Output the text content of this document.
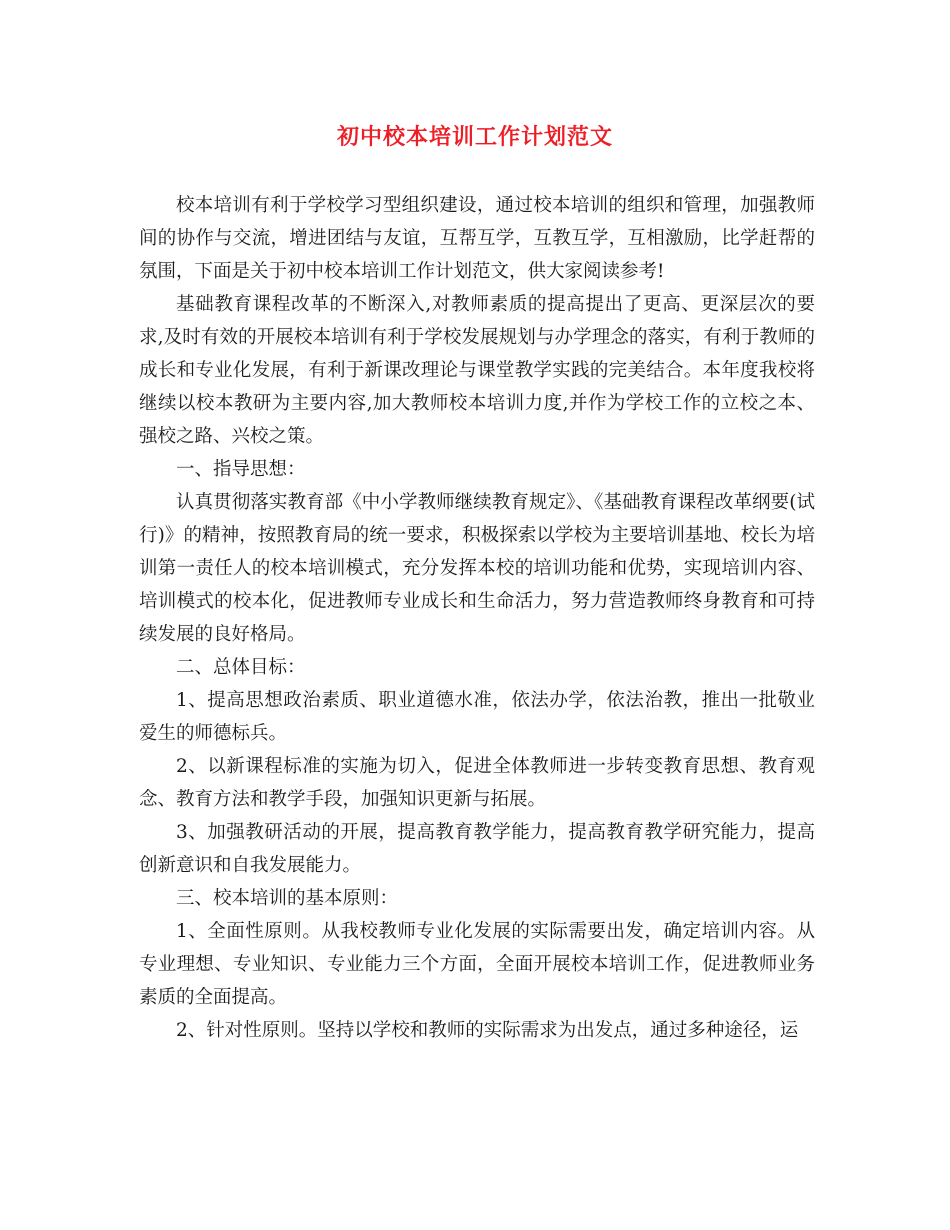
初中校本培训工作计划范文

校本培训有利于学校学习型组织建设，通过校本培训的组织和管理，加强教师间的协作与交流，增进团结与友谊，互帮互学，互教互学，互相激励，比学赶帮的氛围，下面是关于初中校本培训工作计划范文，供大家阅读参考!

基础教育课程改革的不断深入,对教师素质的提高提出了更高、更深层次的要求,及时有效的开展校本培训有利于学校发展规划与办学理念的落实，有利于教师的成长和专业化发展，有利于新课改理论与课堂教学实践的完美结合。本年度我校将继续以校本教研为主要内容,加大教师校本培训力度,并作为学校工作的立校之本、强校之路、兴校之策。

一、指导思想：

认真贯彻落实教育部《中小学教师继续教育规定》、《基础教育课程改革纲要(试行)》的精神，按照教育局的统一要求，积极探索以学校为主要培训基地、校长为培训第一责任人的校本培训模式，充分发挥本校的培训功能和优势，实现培训内容、培训模式的校本化，促进教师专业成长和生命活力，努力营造教师终身教育和可持续发展的良好格局。

二、总体目标：

1、提高思想政治素质、职业道德水准，依法办学，依法治教，推出一批敬业爱生的师德标兵。

2、以新课程标准的实施为切入，促进全体教师进一步转变教育思想、教育观念、教育方法和教学手段，加强知识更新与拓展。

3、加强教研活动的开展，提高教育教学能力，提高教育教学研究能力，提高创新意识和自我发展能力。

三、校本培训的基本原则：

1、全面性原则。从我校教师专业化发展的实际需要出发，确定培训内容。从专业理想、专业知识、专业能力三个方面，全面开展校本培训工作，促进教师业务素质的全面提高。

2、针对性原则。坚持以学校和教师的实际需求为出发点，通过多种途径，运
